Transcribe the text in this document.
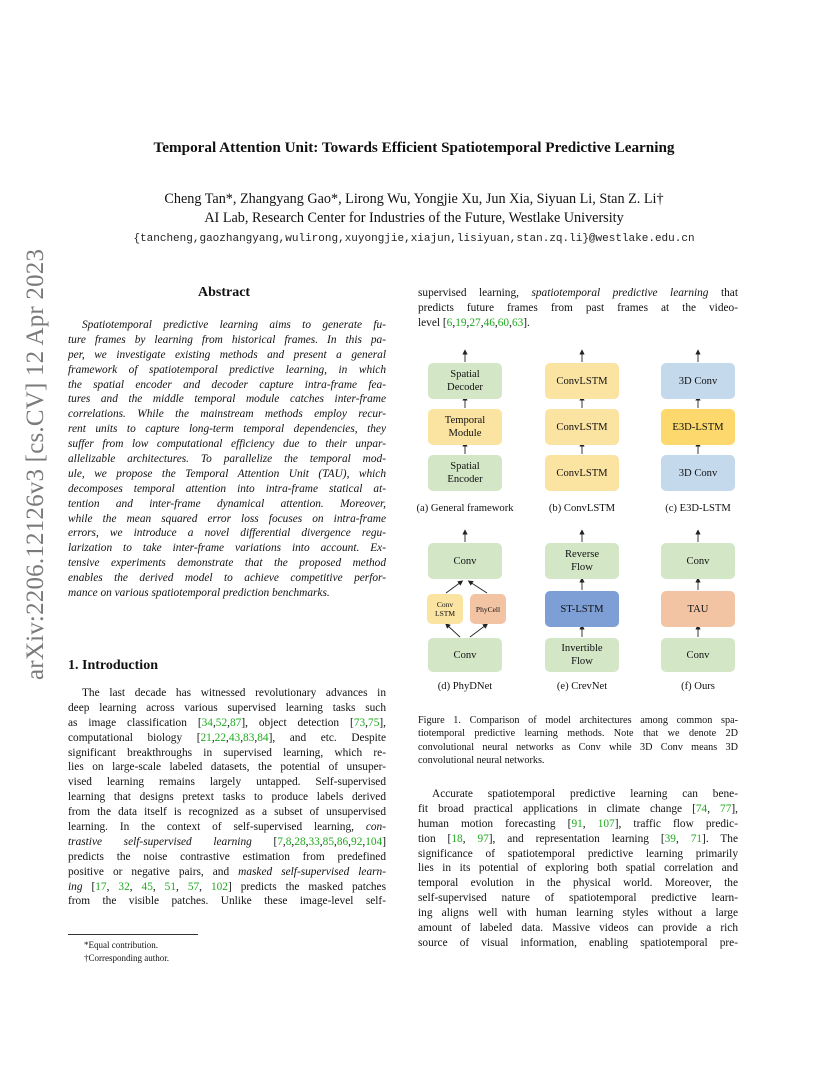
arXiv:2206.12126v3 [cs.CV] 12 Apr 2023
Temporal Attention Unit: Towards Efficient Spatiotemporal Predictive Learning
Cheng Tan*, Zhangyang Gao*, Lirong Wu, Yongjie Xu, Jun Xia, Siyuan Li, Stan Z. Li†
AI Lab, Research Center for Industries of the Future, Westlake University
{tancheng,gaozhangyang,wulirong,xuyongjie,xiajun,lisiyuan,stan.zq.li}@westlake.edu.cn
Abstract
Spatiotemporal predictive learning aims to generate fu-
ture frames by learning from historical frames. In this pa-
per, we investigate existing methods and present a general
framework of spatiotemporal predictive learning, in which
the spatial encoder and decoder capture intra-frame fea-
tures and the middle temporal module catches inter-frame
correlations. While the mainstream methods employ recur-
rent units to capture long-term temporal dependencies, they
suffer from low computational efficiency due to their unpar-
allelizable architectures. To parallelize the temporal mod-
ule, we propose the Temporal Attention Unit (TAU), which
decomposes temporal attention into intra-frame statical at-
tention and inter-frame dynamical attention. Moreover,
while the mean squared error loss focuses on intra-frame
errors, we introduce a novel differential divergence regu-
larization to take inter-frame variations into account. Ex-
tensive experiments demonstrate that the proposed method
enables the derived model to achieve competitive perfor-
mance on various spatiotemporal prediction benchmarks.
1. Introduction
The last decade has witnessed revolutionary advances in
deep learning across various supervised learning tasks such
as image classification [34,52,87], object detection [73,75],
computational biology [21,22,43,83,84], and etc. Despite
significant breakthroughs in supervised learning, which re-
lies on large-scale labeled datasets, the potential of unsuper-
vised learning remains largely untapped. Self-supervised
learning that designs pretext tasks to produce labels derived
from the data itself is recognized as a subset of unsupervised
learning. In the context of self-supervised learning, con-
trastive self-supervised learning [7,8,28,33,85,86,92,104]
predicts the noise contrastive estimation from predefined
positive or negative pairs, and masked self-supervised learn-
ing [17, 32, 45, 51, 57, 102] predicts the masked patches
from the visible patches. Unlike these image-level self-
*Equal contribution.
†Corresponding author.
supervised learning, spatiotemporal predictive learning that
predicts future frames from past frames at the video-
level [6,19,27,46,60,63].
Spatial
Decoder
Temporal
Module
Spatial
Encoder
(a) General framework
ConvLSTM
ConvLSTM
ConvLSTM
(b) ConvLSTM
3D Conv
E3D-LSTM
3D Conv
(c) E3D-LSTM
Conv
Conv
LSTM	PhyCell
Conv
(d) PhyDNet
Reverse
Flow
ST-LSTM
Invertible
Flow
(e) CrevNet
Conv
TAU
Conv
(f) Ours
Figure 1. Comparison of model architectures among common spa-
tiotemporal predictive learning methods. Note that we denote 2D
convolutional neural networks as Conv while 3D Conv means 3D
convolutional neural networks.
Accurate spatiotemporal predictive learning can bene-
fit broad practical applications in climate change [74, 77],
human motion forecasting [91, 107], traffic flow predic-
tion [18, 97], and representation learning [39, 71]. The
significance of spatiotemporal predictive learning primarily
lies in its potential of exploring both spatial correlation and
temporal evolution in the physical world. Moreover, the
self-supervised nature of spatiotemporal predictive learn-
ing aligns well with human learning styles without a large
amount of labeled data. Massive videos can provide a rich
source of visual information, enabling spatiotemporal pre-
